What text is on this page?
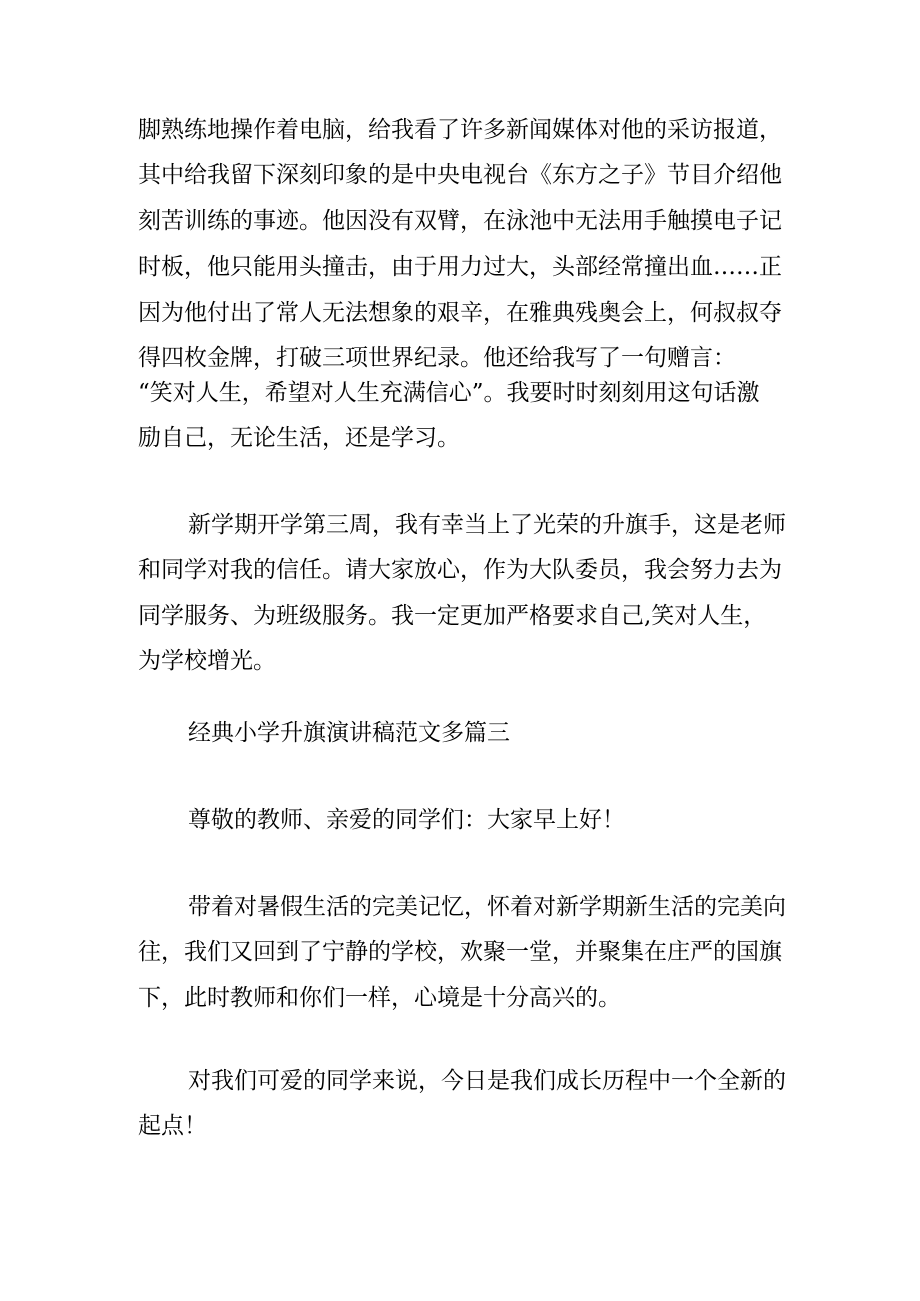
脚熟练地操作着电脑，给我看了许多新闻媒体对他的采访报道，

其中给我留下深刻印象的是中央电视台《东方之子》节目介绍他

刻苦训练的事迹。他因没有双臂，在泳池中无法用手触摸电子记

时板，他只能用头撞击，由于用力过大，头部经常撞出血……正

因为他付出了常人无法想象的艰辛，在雅典残奥会上，何叔叔夺

得四枚金牌，打破三项世界纪录。他还给我写了一句赠言：

“笑对人生，希望对人生充满信心”。我要时时刻刻用这句话激

励自己，无论生活，还是学习。

新学期开学第三周，我有幸当上了光荣的升旗手，这是老师

和同学对我的信任。请大家放心，作为大队委员，我会努力去为

同学服务、为班级服务。我一定更加严格要求自己,笑对人生，

为学校增光。

经典小学升旗演讲稿范文多篇三

尊敬的教师、亲爱的同学们：大家早上好！

带着对暑假生活的完美记忆，怀着对新学期新生活的完美向

往，我们又回到了宁静的学校，欢聚一堂，并聚集在庄严的国旗

下，此时教师和你们一样，心境是十分高兴的。

对我们可爱的同学来说，今日是我们成长历程中一个全新的

起点！
